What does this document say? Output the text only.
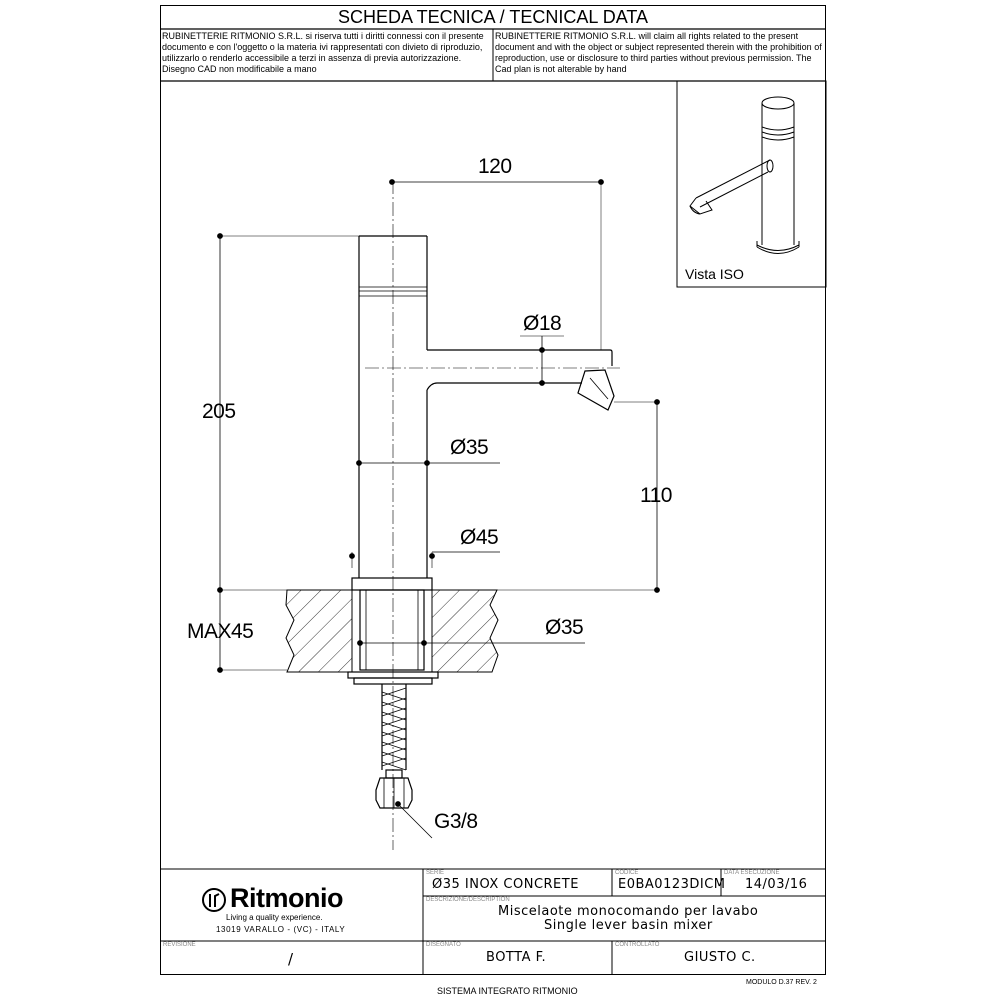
SCHEDA TECNICA / TECNICAL DATA
RUBINETTERIE RITMONIO S.R.L. si riserva tutti i diritti connessi con il presente documento e con l'oggetto o la materia ivi rappresentati con divieto di riproduzio, utilizzarlo o renderlo accessibile a terzi in assenza di previa autorizzazione. Disegno CAD non modificabile a mano
RUBINETTERIE RITMONIO S.R.L. will claim all rights related to the present document and with the object or subject represented therein with the prohibition of reproduction, use or disclosure to third parties without previous permission. The Cad plan is not alterable by hand
Vista ISO
120
205
Ø18
Ø35
110
Ø45
MAX45	Ø35
G3/8
Ritmonio
Living a quality experience.
13019 VARALLO - (VC) - ITALY
SERIE
Ø35 INOX CONCRETE
CODICE
E0BA0123DICM
DATA ESECUZIONE
14/03/16
DESCRIZIONE/DESCRIPTION
Miscelaote monocomando per lavabo
Single lever basin mixer
REVISIONE
/
DISEGNATO
BOTTA F.
CONTROLLATO
GIUSTO C.
SISTEMA INTEGRATO RITMONIO
MODULO D.37 REV. 2
